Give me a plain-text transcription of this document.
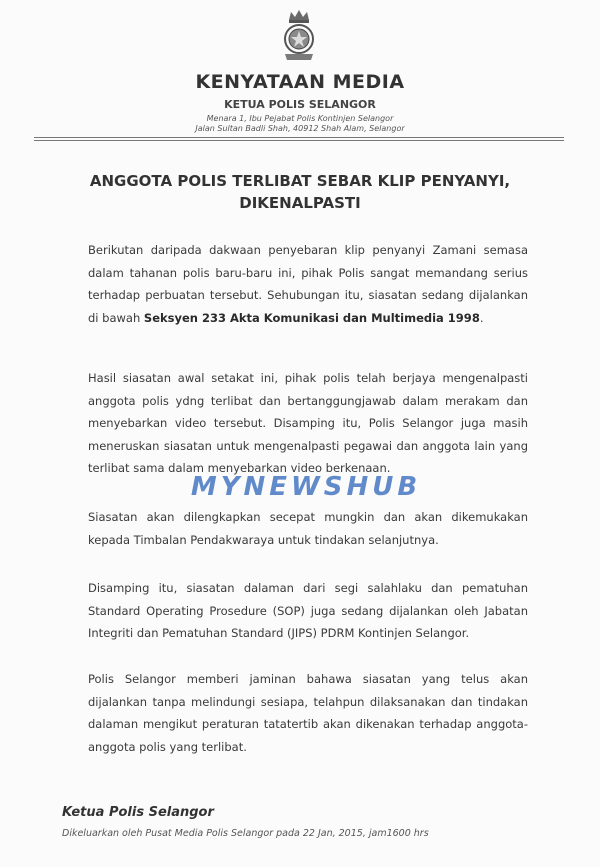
KENYATAAN MEDIA
KETUA POLIS SELANGOR
Menara 1, Ibu Pejabat Polis Kontinjen Selangor
Jalan Sultan Badli Shah, 40912 Shah Alam, Selangor
ANGGOTA POLIS TERLIBAT SEBAR KLIP PENYANYI,
DIKENALPASTI

Berikutan daripada dakwaan penyebaran klip penyanyi Zamani semasa dalam tahanan polis baru-baru ini, pihak Polis sangat memandang serius terhadap perbuatan tersebut. Sehubungan itu, siasatan sedang dijalankan di bawah Seksyen 233 Akta Komunikasi dan Multimedia 1998.

Hasil siasatan awal setakat ini, pihak polis telah berjaya mengenalpasti anggota polis ydng terlibat dan bertanggungjawab dalam merakam dan menyebarkan video tersebut. Disamping itu, Polis Selangor juga masih meneruskan siasatan untuk mengenalpasti pegawai dan anggota lain yang terlibat sama dalam menyebarkan video berkenaan.

MYNEWSHUB

Siasatan akan dilengkapkan secepat mungkin dan akan dikemukakan kepada Timbalan Pendakwaraya untuk tindakan selanjutnya.

Disamping itu, siasatan dalaman dari segi salahlaku dan pematuhan Standard Operating Prosedure (SOP) juga sedang dijalankan oleh Jabatan Integriti dan Pematuhan Standard (JIPS) PDRM Kontinjen Selangor.

Polis Selangor memberi jaminan bahawa siasatan yang telus akan dijalankan tanpa melindungi sesiapa, telahpun dilaksanakan dan tindakan dalaman mengikut peraturan tatatertib akan dikenakan terhadap anggota-anggota polis yang terlibat.

Ketua Polis Selangor
Dikeluarkan oleh Pusat Media Polis Selangor pada 22 Jan, 2015, jam1600 hrs
